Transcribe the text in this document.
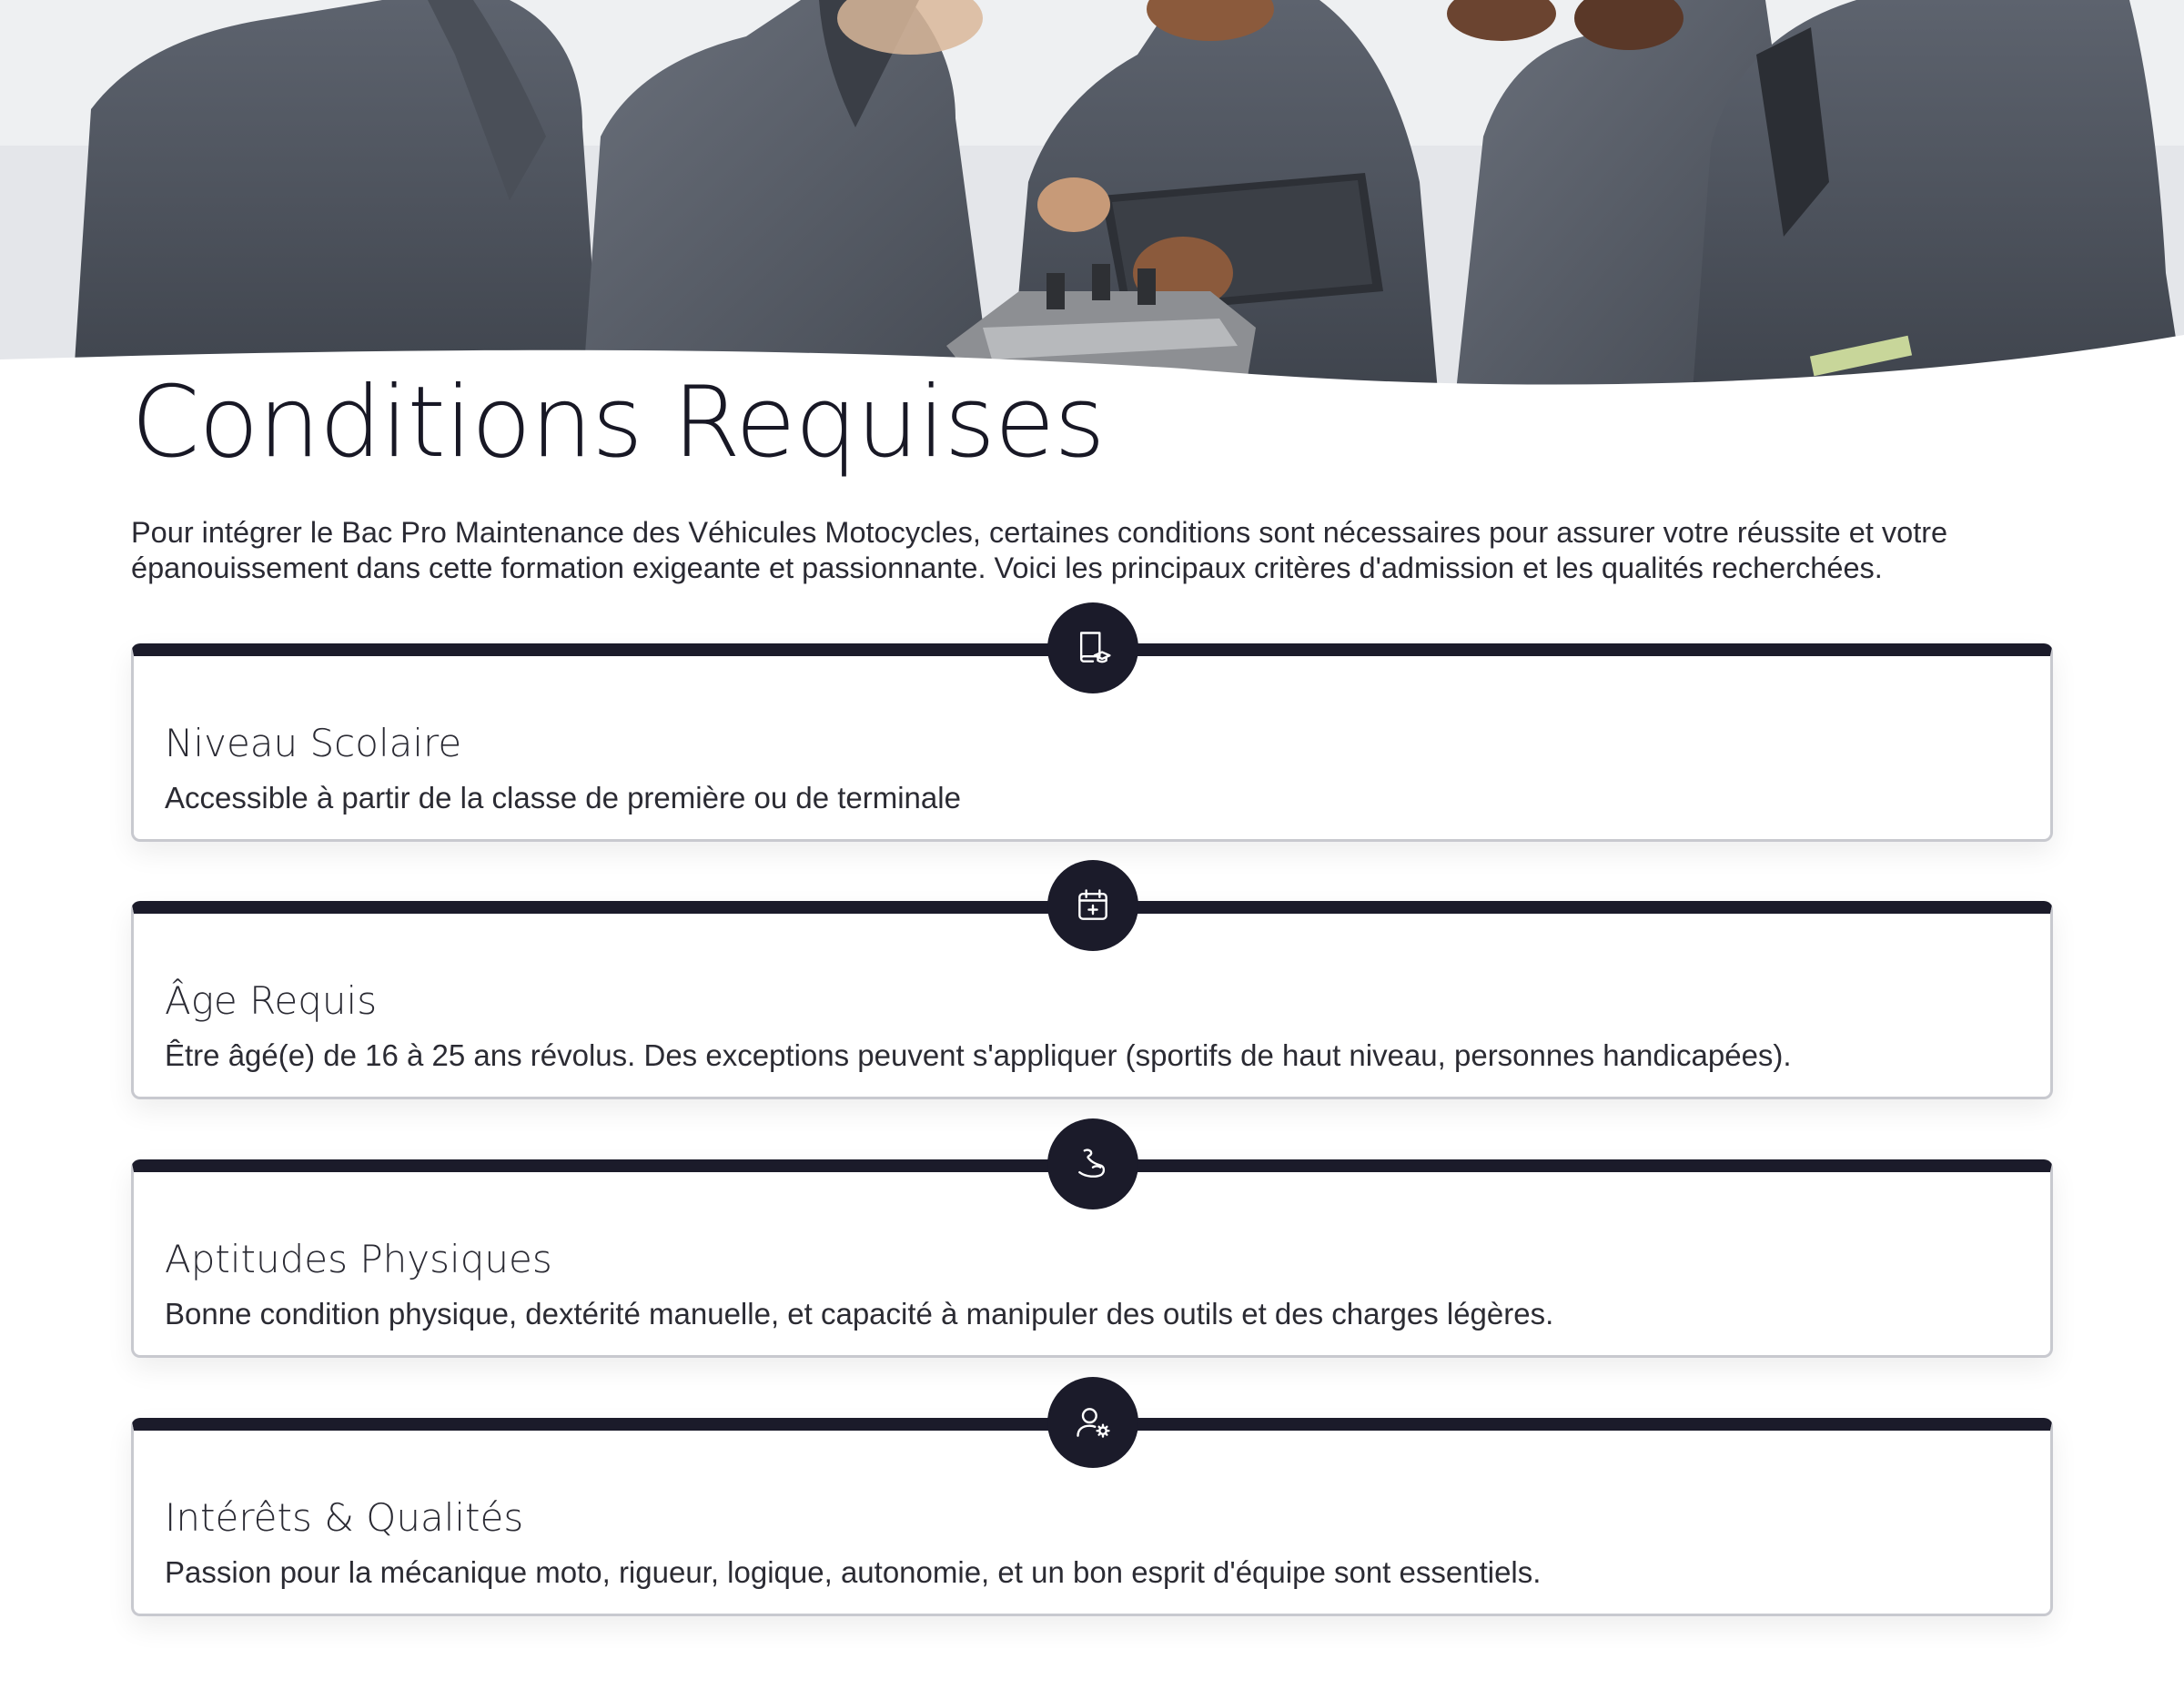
Conditions Requises

Pour intégrer le Bac Pro Maintenance des Véhicules Motocycles, certaines conditions sont nécessaires pour assurer votre réussite et votre épanouissement dans cette formation exigeante et passionnante. Voici les principaux critères d'admission et les qualités recherchées.

Niveau Scolaire

Accessible à partir de la classe de première ou de terminale

Âge Requis

Être âgé(e) de 16 à 25 ans révolus. Des exceptions peuvent s'appliquer (sportifs de haut niveau, personnes handicapées).

Aptitudes Physiques

Bonne condition physique, dextérité manuelle, et capacité à manipuler des outils et des charges légères.

Intérêts & Qualités

Passion pour la mécanique moto, rigueur, logique, autonomie, et un bon esprit d'équipe sont essentiels.
